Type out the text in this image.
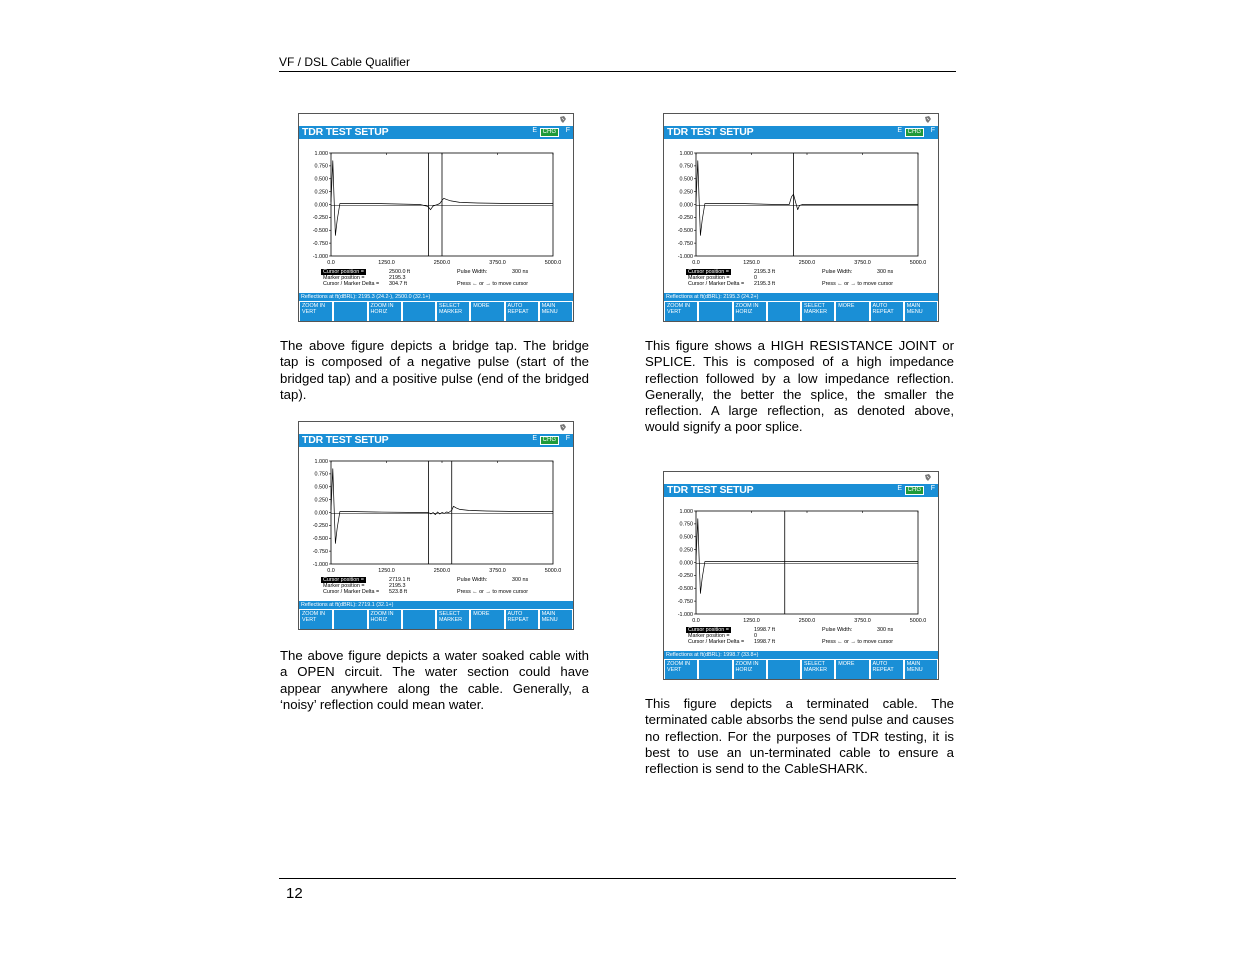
VF / DSL Cable Qualifier
TDR TEST SETUP	E CHG	F
1.000
0.750
0.500
0.250
0.000
-0.250
-0.500
-0.750
-1.000
0.0	1250.0	2500.0	3750.0	5000.0
Cursor position =	2500.0 ft	Pulse Width:	300 ns
Marker position =	2195.3
Cursor / Marker Delta = 304.7 ft	Press ← or → to move cursor
Reflections at ft(dBRL): 2195.3 (24.2-), 2500.0 (32.1+)
ZOOM IN VERT
ZOOM IN HORIZ
SELECT MARKER
MORE	AUTO REPEAT
MAIN MENU
TDR TEST SETUP	E CHG	F
1.000
0.750
0.500
0.250
0.000
-0.250
-0.500
-0.750
-1.000
0.0	1250.0	2500.0	3750.0	5000.0
Cursor position =	2195.3 ft	Pulse Width:	300 ns
Marker position =	0
Cursor / Marker Delta = 2195.3 ft	Press ← or → to move cursor
Reflections at ft(dBRL): 2195.3 (24.2+)
ZOOM IN VERT
ZOOM IN HORIZ
SELECT MARKER
MORE	AUTO REPEAT
MAIN MENU
TDR TEST SETUP	E CHG	F
1.000
0.750
0.500
0.250
0.000
-0.250
-0.500
-0.750
-1.000
0.0	1250.0	2500.0	3750.0	5000.0
Cursor position =	2719.1 ft	Pulse Width:	300 ns
Marker position =	2195.3
Cursor / Marker Delta = 523.8 ft	Press ← or → to move cursor
Reflections at ft(dBRL): 2719.1 (32.1+)
ZOOM IN VERT
ZOOM IN HORIZ
SELECT MARKER
MORE	AUTO REPEAT
MAIN MENU
TDR TEST SETUP	E CHG	F
1.000
0.750
0.500
0.250
0.000
-0.250
-0.500
-0.750
-1.000
0.0	1250.0	2500.0	3750.0	5000.0
Cursor position =	1998.7 ft	Pulse Width:	300 ns
Marker position =	0
Cursor / Marker Delta = 1998.7 ft	Press ← or → to move cursor
Reflections at ft(dBRL): 1998.7 (33.8+)
ZOOM IN VERT
ZOOM IN HORIZ
SELECT MARKER
MORE	AUTO REPEAT
MAIN MENU
The above figure depicts a bridge tap. The bridge tap is composed of a negative pulse (start of the bridged tap) and a positive pulse (end of the bridged tap).
This figure shows a HIGH RESISTANCE JOINT or SPLICE. This is composed of a high impedance reflection followed by a low impedance reflection. Generally, the better the splice, the smaller the reflection. A large reflection, as denoted above, would signify a poor splice.
The above figure depicts a water soaked cable with a OPEN circuit. The water section could have appear anywhere along the cable. Generally, a ‘noisy’ reflection could mean water.	This figure depicts a terminated cable. The terminated cable absorbs the send pulse and causes no reflection. For the purposes of TDR testing, it is best to use an un-terminated cable to ensure a reflection is send to the CableSHARK.
12
